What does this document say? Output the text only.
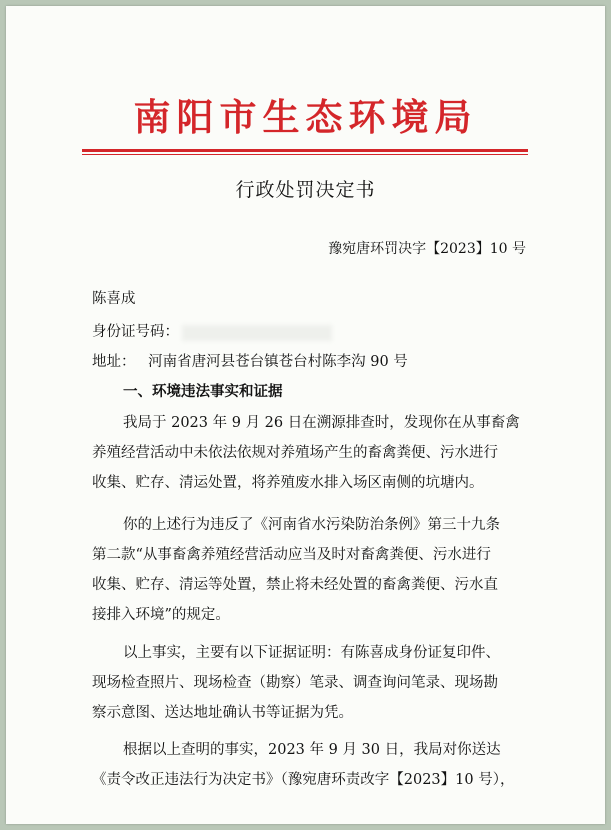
南阳市生态环境局
行政处罚决定书
豫宛唐环罚决字【2023】10 号
陈喜成
身份证号码：
地址： 河南省唐河县苍台镇苍台村陈李沟 90 号
一、环境违法事实和证据
我局于 2023 年 9 月 26 日在溯源排查时，发现你在从事畜禽
养殖经营活动中未依法依规对养殖场产生的畜禽粪便、污水进行
收集、贮存、清运处置，将养殖废水排入场区南侧的坑塘内。
你的上述行为违反了《河南省水污染防治条例》第三十九条
第二款“从事畜禽养殖经营活动应当及时对畜禽粪便、污水进行
收集、贮存、清运等处置，禁止将未经处置的畜禽粪便、污水直
接排入环境”的规定。
以上事实，主要有以下证据证明：有陈喜成身份证复印件、
现场检查照片、现场检查（勘察）笔录、调查询问笔录、现场勘
察示意图、送达地址确认书等证据为凭。
根据以上查明的事实，2023 年 9 月 30 日，我局对你送达
《责令改正违法行为决定书》（豫宛唐环责改字【2023】10 号），
